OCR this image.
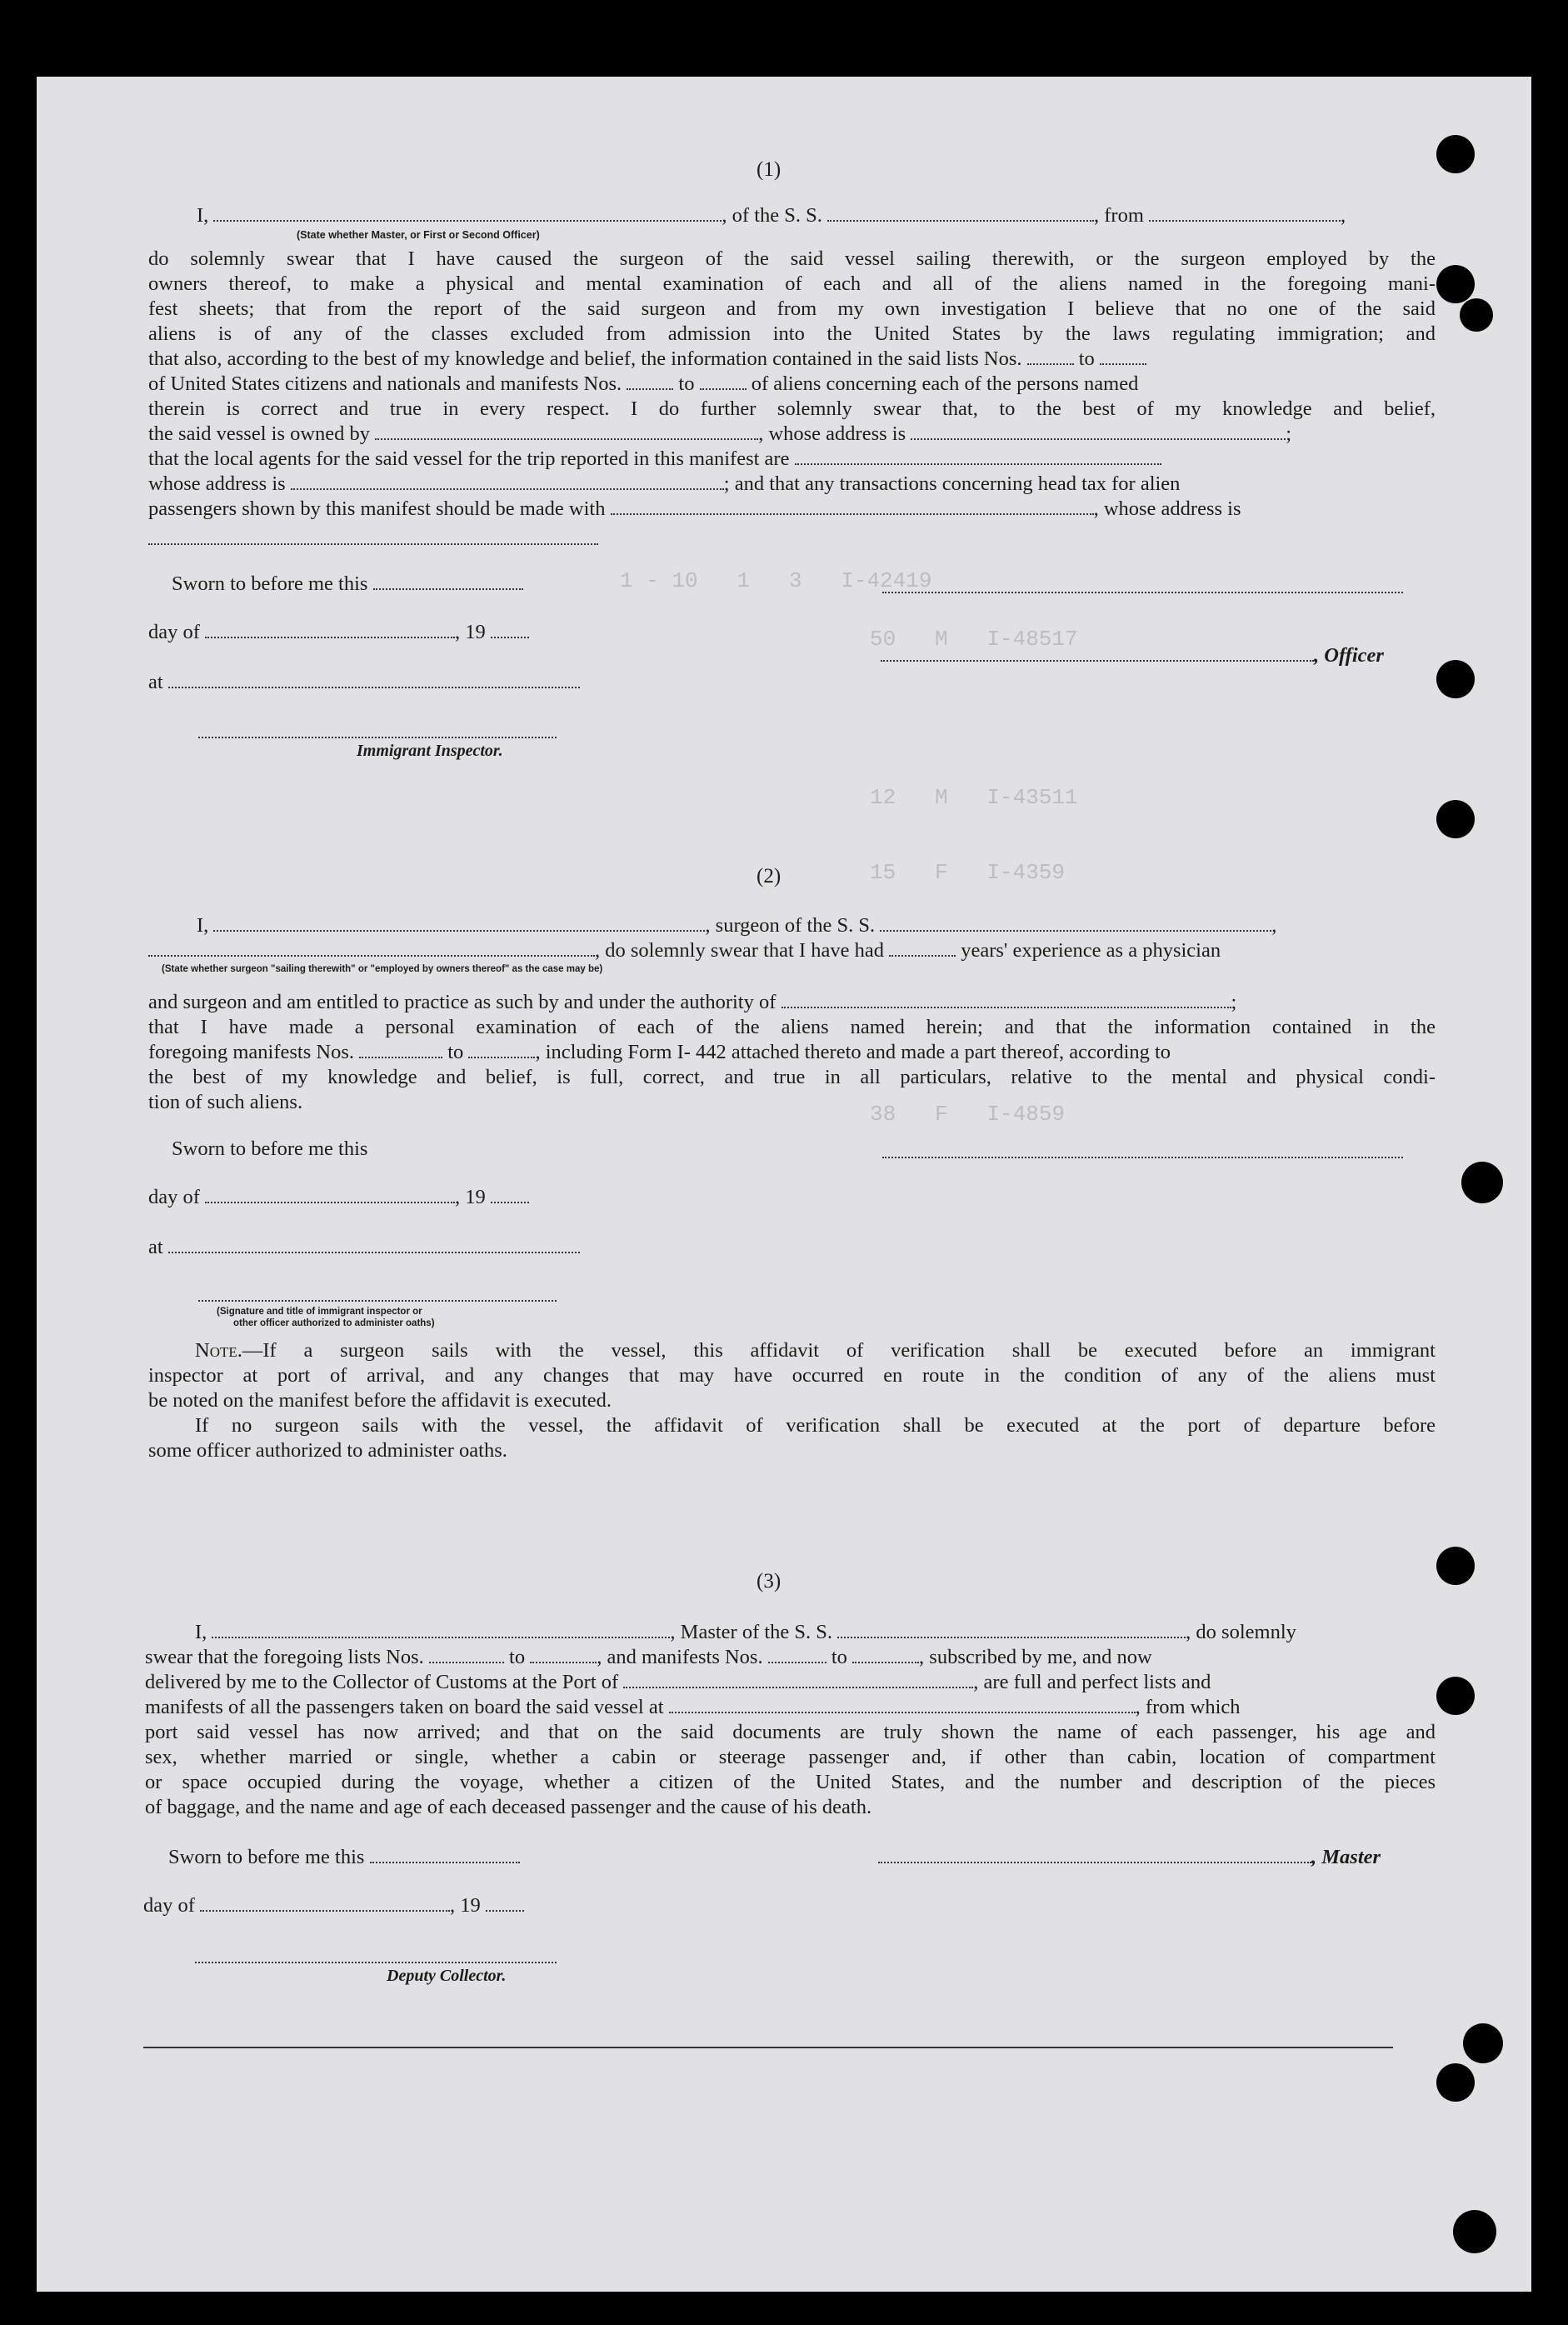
1 - 10   1   3   I-42419
50   M   I-48517
12   M   I-43511
15   F   I-4359
38   F   I-4859
(1)
I,	, of the S. S.	, from	,
(State whether Master, or First or Second Officer)
do solemnly swear that I have caused the surgeon of the said vessel sailing therewith, or the surgeon employed by the
owners thereof, to make a physical and mental examination of each and all of the aliens named in the foregoing mani-
fest sheets; that from the report of the said surgeon and from my own investigation I believe that no one of the said
aliens is of any of the classes excluded from admission into the United States by the laws regulating immigration; and
that also, according to the best of my knowledge and belief, the information contained in the said lists Nos.	to
of United States citizens and nationals and manifests Nos.	to	of aliens concerning each of the persons named
therein is correct and true in every respect. I do further solemnly swear that, to the best of my knowledge and belief,
the said vessel is owned by	, whose address is	;
that the local agents for the said vessel for the trip reported in this manifest are
whose address is	; and that any transactions concerning head tax for alien
passengers shown by this manifest should be made with	, whose address is
Sworn to before me this
day of	, 19
, Officer
at
Immigrant Inspector.
(2)
I,	, surgeon of the S. S.	,
, do solemnly swear that I have had	years' experience as a physician
(State whether surgeon "sailing therewith" or "employed by owners thereof" as the case may be)
and surgeon and am entitled to practice as such by and under the authority of	;
that I have made a personal examination of each of the aliens named herein; and that the information contained in the
foregoing manifests Nos.	to	, including Form I- 442 attached thereto and made a part thereof, according to
the best of my knowledge and belief, is full, correct, and true in all particulars, relative to the mental and physical condi-
tion of such aliens.
Sworn to before me this
day of	, 19
at
(Signature and title of immigrant inspector or
other officer authorized to administer oaths)
Note.—If a surgeon sails with the vessel, this affidavit of verification shall be executed before an immigrant
inspector at port of arrival, and any changes that may have occurred en route in the condition of any of the aliens must
be noted on the manifest before the affidavit is executed.
If no surgeon sails with the vessel, the affidavit of verification shall be executed at the port of departure before
some officer authorized to administer oaths.
(3)
I,	, Master of the S. S.	, do solemnly
swear that the foregoing lists Nos.	to	, and manifests Nos.	to	, subscribed by me, and now
delivered by me to the Collector of Customs at the Port of	, are full and perfect lists and
manifests of all the passengers taken on board the said vessel at	, from which
port said vessel has now arrived; and that on the said documents are truly shown the name of each passenger, his age and
sex, whether married or single, whether a cabin or steerage passenger and, if other than cabin, location of compartment
or space occupied during the voyage, whether a citizen of the United States, and the number and description of the pieces
of baggage, and the name and age of each deceased passenger and the cause of his death.
Sworn to before me this	, Master
day of	, 19
Deputy Collector.
